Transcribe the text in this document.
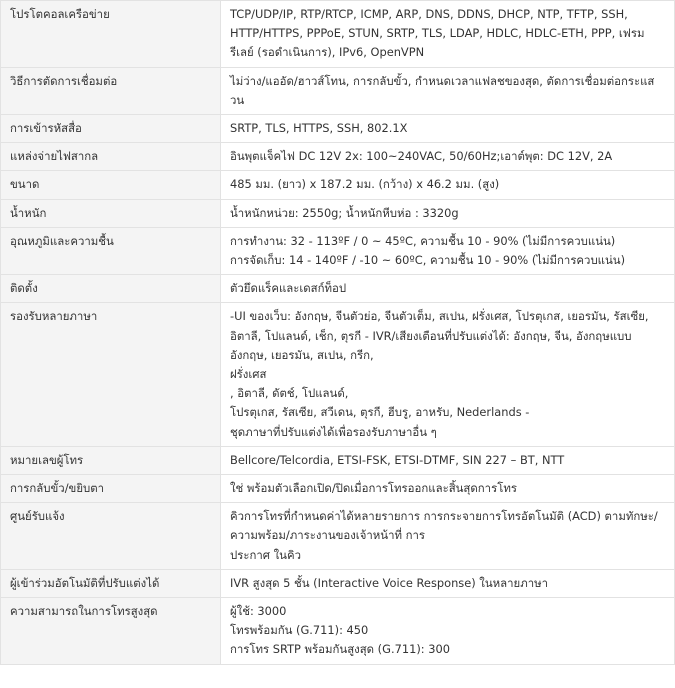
โปรโตคอลเครือข่าย	TCP/UDP/IP, RTP/RTCP, ICMP, ARP, DNS, DDNS, DHCP, NTP, TFTP, SSH, HTTP/HTTPS, PPPoE, STUN, SRTP, TLS, LDAP, HDLC, HDLC-ETH, PPP, เฟรม
รีเลย์ (รอดำเนินการ), IPv6, OpenVPN

วิธีการตัดการเชื่อมต่อ	ไม่ว่าง/แออัด/ฮาวส์โทน, การกลับขั้ว, กำหนดเวลาแฟลชของสุด, ตัดการเชื่อมต่อกระแสวน

การเข้ารหัสสื่อ	SRTP, TLS, HTTPS, SSH, 802.1X

แหล่งจ่ายไฟสากล	อินพุตแจ็คไฟ DC 12V 2x: 100~240VAC, 50/60Hz;เอาต์พุต: DC 12V, 2A

ขนาด	485 มม. (ยาว) x 187.2 มม. (กว้าง) x 46.2 มม. (สูง)

น้ำหนัก	น้ำหนักหน่วย: 2550g; น้ำหนักหีบห่อ : 3320g

อุณหภูมิและความชื้น	การทำงาน: 32 - 113ºF / 0 ~ 45ºC, ความชื้น 10 - 90% (ไม่มีการควบแน่น)
การจัดเก็บ: 14 - 140ºF / -10 ~ 60ºC, ความชื้น 10 - 90% (ไม่มีการควบแน่น)

ติดตั้ง	ตัวยึดแร็คและเดสก์ท็อป

รองรับหลายภาษา	-UI ของเว็บ: อังกฤษ, จีนตัวย่อ, จีนตัวเต็ม, สเปน, ฝรั่งเศส, โปรตุเกส, เยอรมัน, รัสเซีย, อิตาลี, โปแลนด์, เช็ก, ตุรกี - IVR/เสียงเตือนที่ปรับแต่งได้: อังกฤษ, จีน, อังกฤษแบบอังกฤษ, เยอรมัน, สเปน, กรีก,
ฝรั่งเศส
, อิตาลี, ดัตช์, โปแลนด์,
โปรตุเกส, รัสเซีย, สวีเดน, ตุรกี, ฮีบรู, อาหรับ, Nederlands -
ชุดภาษาที่ปรับแต่งได้เพื่อรองรับภาษาอื่น ๆ

หมายเลขผู้โทร	Bellcore/Telcordia, ETSI-FSK, ETSI-DTMF, SIN 227 – BT, NTT

การกลับขั้ว/ขยิบตา	ใช่ พร้อมตัวเลือกเปิด/ปิดเมื่อการโทรออกและสิ้นสุดการโทร

ศูนย์รับแจ้ง	คิวการโทรที่กำหนดค่าได้หลายรายการ การกระจายการโทรอัตโนมัติ (ACD) ตามทักษะ/ความพร้อม/ภาระงานของเจ้าหน้าที่ การ
ประกาศ ในคิว

ผู้เข้าร่วมอัตโนมัติที่ปรับแต่งได้	IVR สูงสุด 5 ชั้น (Interactive Voice Response) ในหลายภาษา

ความสามารถในการโทรสูงสุด	ผู้ใช้: 3000
โทรพร้อมกัน (G.711): 450
การโทร SRTP พร้อมกันสูงสุด (G.711): 300
